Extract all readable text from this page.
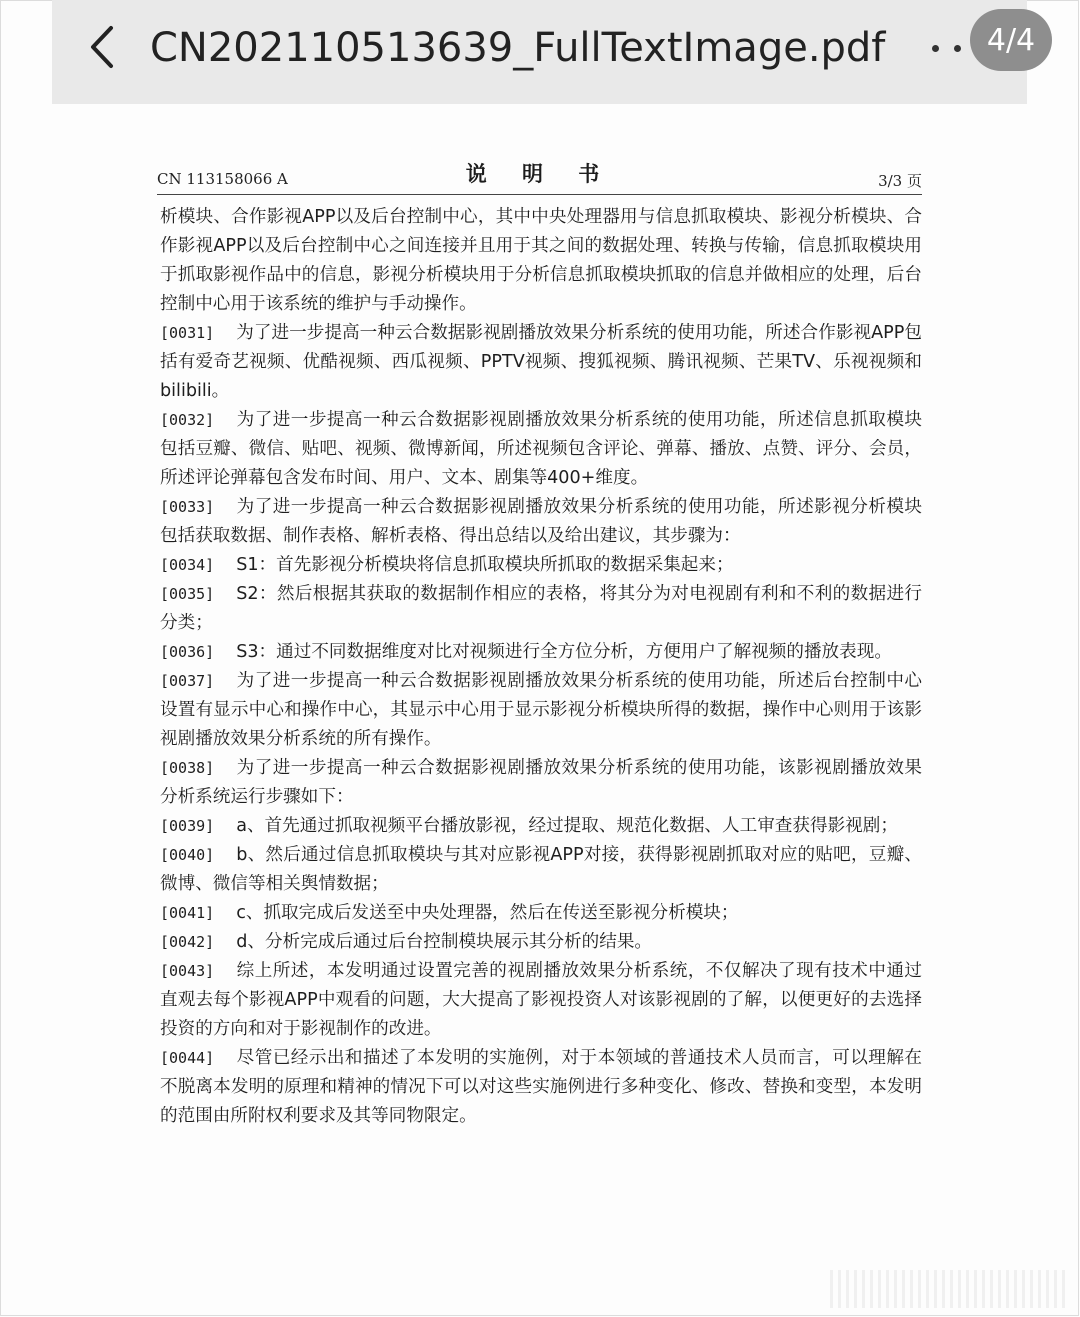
CN202110513639_FullTextImage.pdf	4/4
CN 113158066 A	说 明 书	3/3 页

析模块、合作影视APP以及后台控制中心，其中中央处理器用与信息抓取模块、影视分析模块、合作影视APP以及后台控制中心之间连接并且用于其之间的数据处理、转换与传输，信息抓取模块用于抓取影视作品中的信息，影视分析模块用于分析信息抓取模块抓取的信息并做相应的处理，后台控制中心用于该系统的维护与手动操作。

[0031] 为了进一步提高一种云合数据影视剧播放效果分析系统的使用功能，所述合作影视APP包括有爱奇艺视频、优酷视频、西瓜视频、PPTV视频、搜狐视频、腾讯视频、芒果TV、乐视视频和bilibili。

[0032] 为了进一步提高一种云合数据影视剧播放效果分析系统的使用功能，所述信息抓取模块包括豆瓣、微信、贴吧、视频、微博新闻，所述视频包含评论、弹幕、播放、点赞、评分、会员，所述评论弹幕包含发布时间、用户、文本、剧集等400+维度。

[0033] 为了进一步提高一种云合数据影视剧播放效果分析系统的使用功能，所述影视分析模块包括获取数据、制作表格、解析表格、得出总结以及给出建议，其步骤为：

[0034] S1：首先影视分析模块将信息抓取模块所抓取的数据采集起来；

[0035] S2：然后根据其获取的数据制作相应的表格，将其分为对电视剧有利和不利的数据进行分类；

[0036] S3：通过不同数据维度对比对视频进行全方位分析，方便用户了解视频的播放表现。

[0037] 为了进一步提高一种云合数据影视剧播放效果分析系统的使用功能，所述后台控制中心设置有显示中心和操作中心，其显示中心用于显示影视分析模块所得的数据，操作中心则用于该影视剧播放效果分析系统的所有操作。

[0038] 为了进一步提高一种云合数据影视剧播放效果分析系统的使用功能，该影视剧播放效果分析系统运行步骤如下：

[0039] a、首先通过抓取视频平台播放影视，经过提取、规范化数据、人工审查获得影视剧；

[0040] b、然后通过信息抓取模块与其对应影视APP对接，获得影视剧抓取对应的贴吧，豆瓣、微博、微信等相关舆情数据；

[0041] c、抓取完成后发送至中央处理器，然后在传送至影视分析模块；

[0042] d、分析完成后通过后台控制模块展示其分析的结果。

[0043] 综上所述，本发明通过设置完善的视剧播放效果分析系统，不仅解决了现有技术中通过直观去每个影视APP中观看的问题，大大提高了影视投资人对该影视剧的了解，以便更好的去选择投资的方向和对于影视制作的改进。

[0044] 尽管已经示出和描述了本发明的实施例，对于本领域的普通技术人员而言，可以理解在不脱离本发明的原理和精神的情况下可以对这些实施例进行多种变化、修改、替换和变型，本发明的范围由所附权利要求及其等同物限定。
